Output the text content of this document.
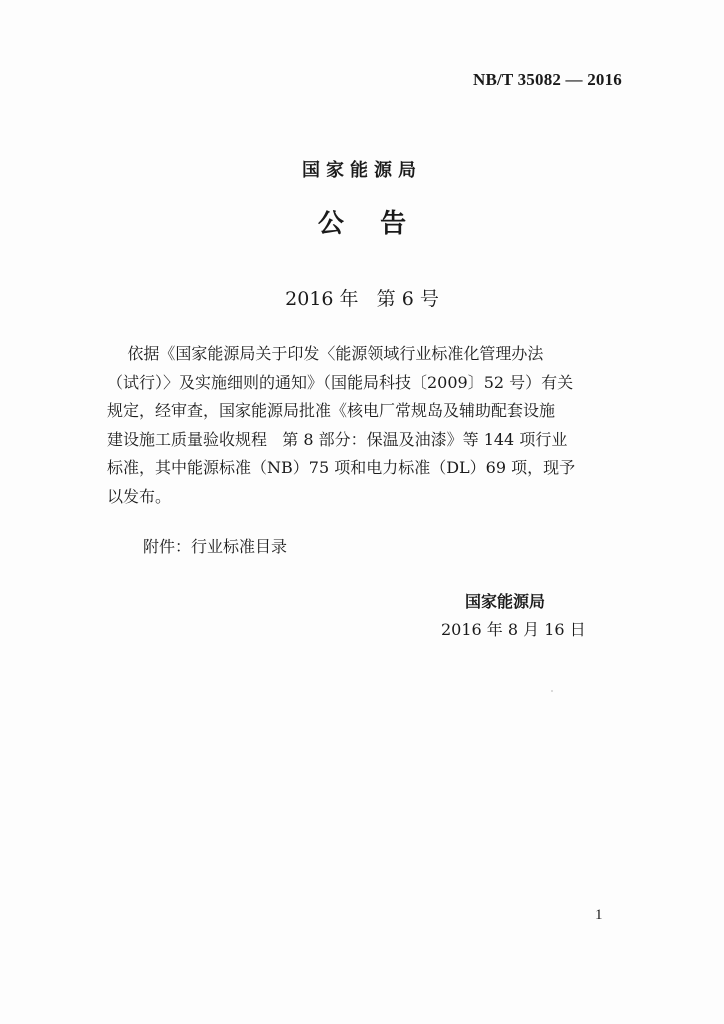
NB/T 35082 — 2016
国家能源局
公    告
2016 年   第 6 号
依据《国家能源局关于印发〈能源领域行业标准化管理办法
（试行）〉及实施细则的通知》（国能局科技〔2009〕52 号）有关
规定，经审查，国家能源局批准《核电厂常规岛及辅助配套设施
建设施工质量验收规程   第 8 部分：保温及油漆》等 144 项行业
标准，其中能源标准（NB）75 项和电力标准（DL）69 项，现予
以发布。
附件：行业标准目录
国家能源局
2016 年 8 月 16 日
1
